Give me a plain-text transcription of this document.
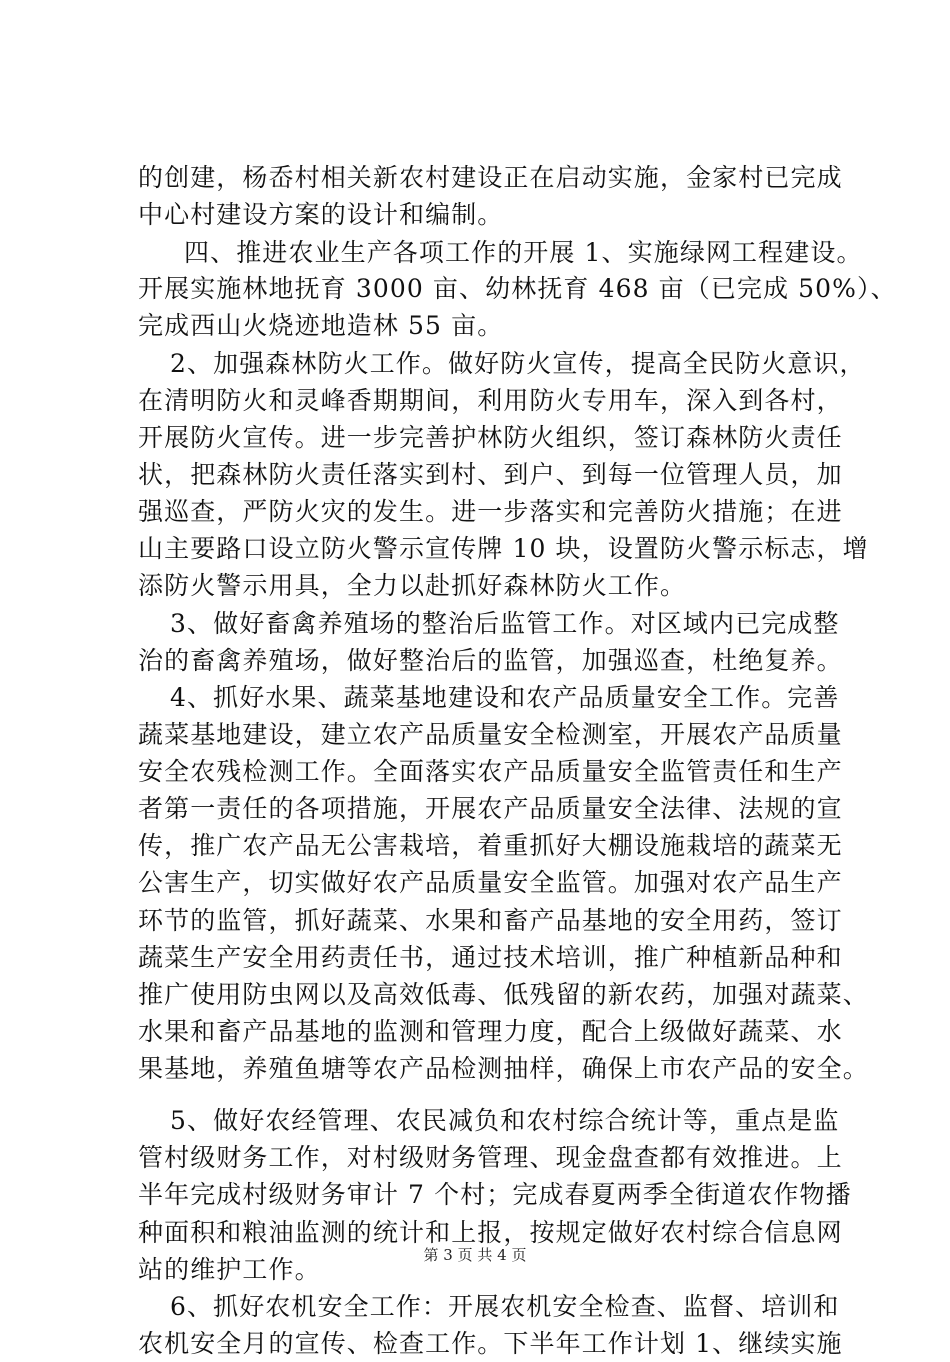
的创建，杨岙村相关新农村建设正在启动实施，金家村已完成
中心村建设方案的设计和编制。
四、推进农业生产各项工作的开展 1、实施绿网工程建设。
开展实施林地抚育 3000 亩、幼林抚育 468 亩（已完成 50%）、
完成西山火烧迹地造林 55 亩。
2、加强森林防火工作。做好防火宣传，提高全民防火意识，
在清明防火和灵峰香期期间，利用防火专用车，深入到各村，
开展防火宣传。进一步完善护林防火组织，签订森林防火责任
状，把森林防火责任落实到村、到户、到每一位管理人员，加
强巡查，严防火灾的发生。进一步落实和完善防火措施；在进
山主要路口设立防火警示宣传牌 10 块，设置防火警示标志，增
添防火警示用具，全力以赴抓好森林防火工作。
3、做好畜禽养殖场的整治后监管工作。对区域内已完成整
治的畜禽养殖场，做好整治后的监管，加强巡查，杜绝复养。
4、抓好水果、蔬菜基地建设和农产品质量安全工作。完善
蔬菜基地建设，建立农产品质量安全检测室，开展农产品质量
安全农残检测工作。全面落实农产品质量安全监管责任和生产
者第一责任的各项措施，开展农产品质量安全法律、法规的宣
传，推广农产品无公害栽培，着重抓好大棚设施栽培的蔬菜无
公害生产，切实做好农产品质量安全监管。加强对农产品生产
环节的监管，抓好蔬菜、水果和畜产品基地的安全用药，签订
蔬菜生产安全用药责任书，通过技术培训，推广种植新品种和
推广使用防虫网以及高效低毒、低残留的新农药，加强对蔬菜、
水果和畜产品基地的监测和管理力度，配合上级做好蔬菜、水
果基地，养殖鱼塘等农产品检测抽样，确保上市农产品的安全。
5、做好农经管理、农民减负和农村综合统计等，重点是监
管村级财务工作，对村级财务管理、现金盘查都有效推进。上
半年完成村级财务审计 7 个村；完成春夏两季全街道农作物播
种面积和粮油监测的统计和上报，按规定做好农村综合信息网
站的维护工作。
6、抓好农机安全工作：开展农机安全检查、监督、培训和
农机安全月的宣传、检查工作。下半年工作计划 1、继续实施
第 3 页 共 4 页
